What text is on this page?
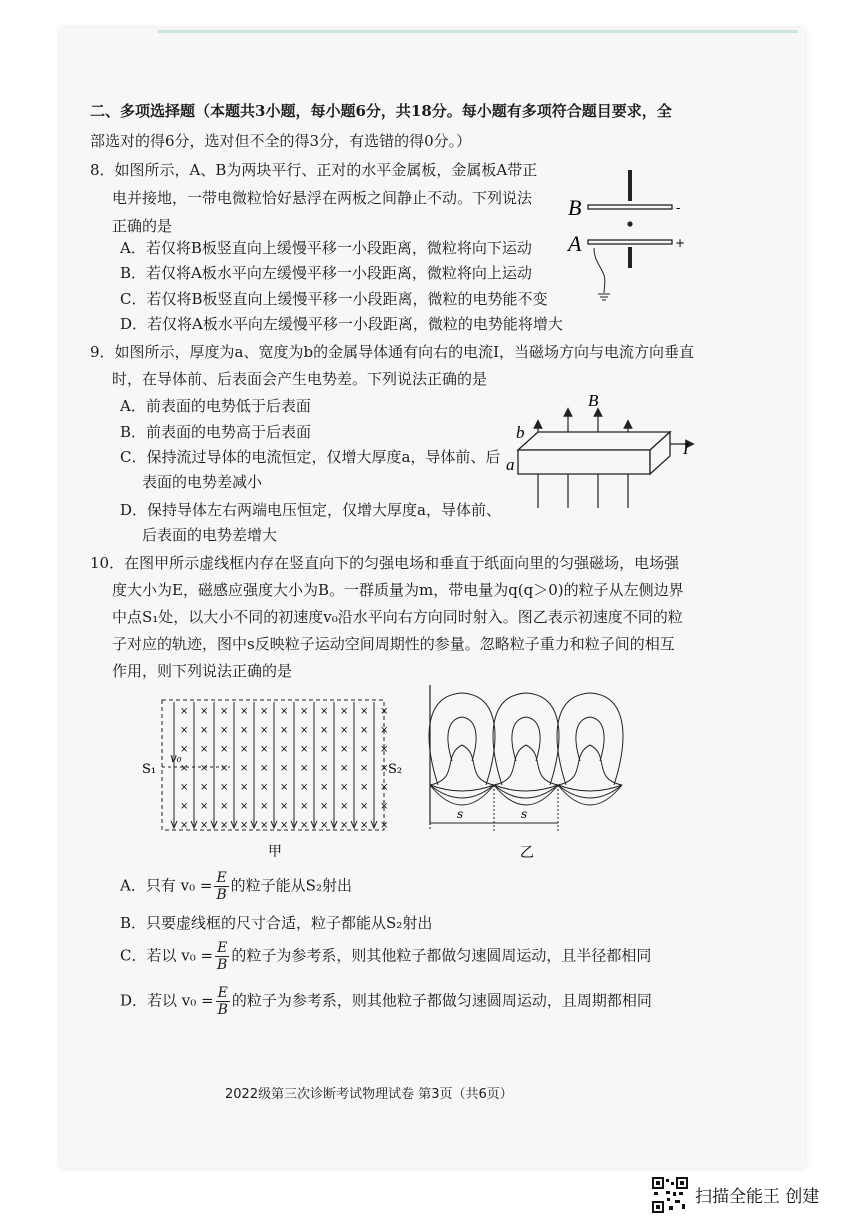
二、多项选择题（本题共3小题，每小题6分，共18分。每小题有多项符合题目要求，全
部选对的得6分，选对但不全的得3分，有选错的得0分。）
8．如图所示，A、B为两块平行、正对的水平金属板，金属板A带正
电并接地，一带电微粒恰好悬浮在两板之间静止不动。下列说法
正确的是
A．若仅将B板竖直向上缓慢平移一小段距离，微粒将向下运动
B．若仅将A板水平向左缓慢平移一小段距离，微粒将向上运动
C．若仅将B板竖直向上缓慢平移一小段距离，微粒的电势能不变
D．若仅将A板水平向左缓慢平移一小段距离，微粒的电势能将增大
B
A
-
+
9．如图所示，厚度为a、宽度为b的金属导体通有向右的电流I，当磁场方向与电流方向垂直
时，在导体前、后表面会产生电势差。下列说法正确的是
A．前表面的电势低于后表面
B．前表面的电势高于后表面
C．保持流过导体的电流恒定，仅增大厚度a，导体前、后
表面的电势差减小
D．保持导体左右两端电压恒定，仅增大厚度a，导体前、
后表面的电势差增大
B
I
a
b
10．在图甲所示虚线框内存在竖直向下的匀强电场和垂直于纸面向里的匀强磁场，电场强
度大小为E，磁感应强度大小为B。一群质量为m，带电量为q(q＞0)的粒子从左侧边界
中点S₁处，以大小不同的初速度v₀沿水平向右方向同时射入。图乙表示初速度不同的粒
子对应的轨迹，图中s反映粒子运动空间周期性的参量。忽略粒子重力和粒子间的相互
作用，则下列说法正确的是
×
×
×
×
×
×
×
×
×
×
×
×
×
×
×
×
×
×
×
×
×
×
×
×
×
×
×
×
×
×
×
×
×
×
×
×
×
×
×
×
×
×
×
×
×
×
×
×
×
×
×
×
×
×
×
×
×
×
×
×
×
×
×
×
×
×
×
×
×
×
×
×
×
×
×
×
×
S₁	S₂
v₀
甲
s	s
乙
A．只有 $v_0 = \frac{E}{B}$ 的粒子能从S₂射出
B．只要虚线框的尺寸合适，粒子都能从S₂射出
C．若以 $v_0 = \frac{E}{B}$ 的粒子为参考系，则其他粒子都做匀速圆周运动，且半径都相同
D．若以 $v_0 = \frac{E}{B}$ 的粒子为参考系，则其他粒子都做匀速圆周运动，且周期都相同
2022级第三次诊断考试物理试卷 第3页（共6页）
扫描全能王 创建
